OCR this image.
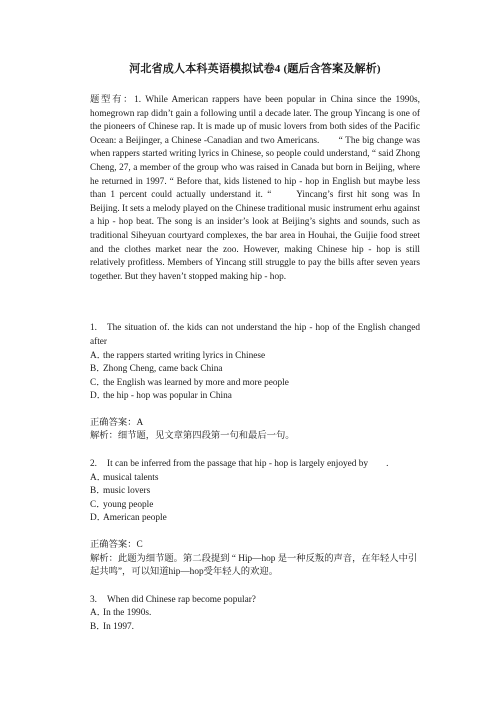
河北省成人本科英语模拟试卷4 (题后含答案及解析)

题型有：1. While American rappers have been popular in China since the 1990s, homegrown rap didn’t gain a following until a decade later. The group Yincang is one of the pioneers of Chinese rap. It is made up of music lovers from both sides of the Pacific Ocean: a Beijinger, a Chinese -Canadian and two Americans.　　“ The big change was when rappers started writing lyrics in Chinese, so people could understand, “ said Zhong Cheng, 27, a member of the group who was raised in Canada but born in Beijing, where he returned in 1997. “ Before that, kids listened to hip - hop in English but maybe less than 1 percent could actually understand it. “　　Yincang’s first hit song was In Beijing. It sets a melody played on the Chinese traditional music instrument erhu against a hip - hop beat. The song is an insider’s look at Beijing’s sights and sounds, such as traditional Siheyuan courtyard complexes, the bar area in Houhai, the Guijie food street and the clothes market near the zoo. However, making Chinese hip - hop is still relatively profitless. Members of Yincang still struggle to pay the bills after seven years together. But they haven’t stopped making hip - hop.

1. The situation of. the kids can not understand the hip - hop of the English changed after

A．the rappers started writing lyrics in Chinese
B．Zhong Cheng, came back China
C．the English was learned by more and more people
D．the hip - hop was popular in China

正确答案：A

解析：细节题，见文章第四段第一句和最后一句。

2. It can be inferred from the passage that hip - hop is largely enjoyed by .

A．musical talents
B．music lovers
C．young people
D．American people

正确答案：C

解析：此题为细节题。第二段提到 “ Hip—hop 是一种反叛的声音，在年轻人中引起共鸣”，可以知道hip—hop受年轻人的欢迎。

3. When did Chinese rap become popular?

A．In the 1990s.
B．In 1997.
